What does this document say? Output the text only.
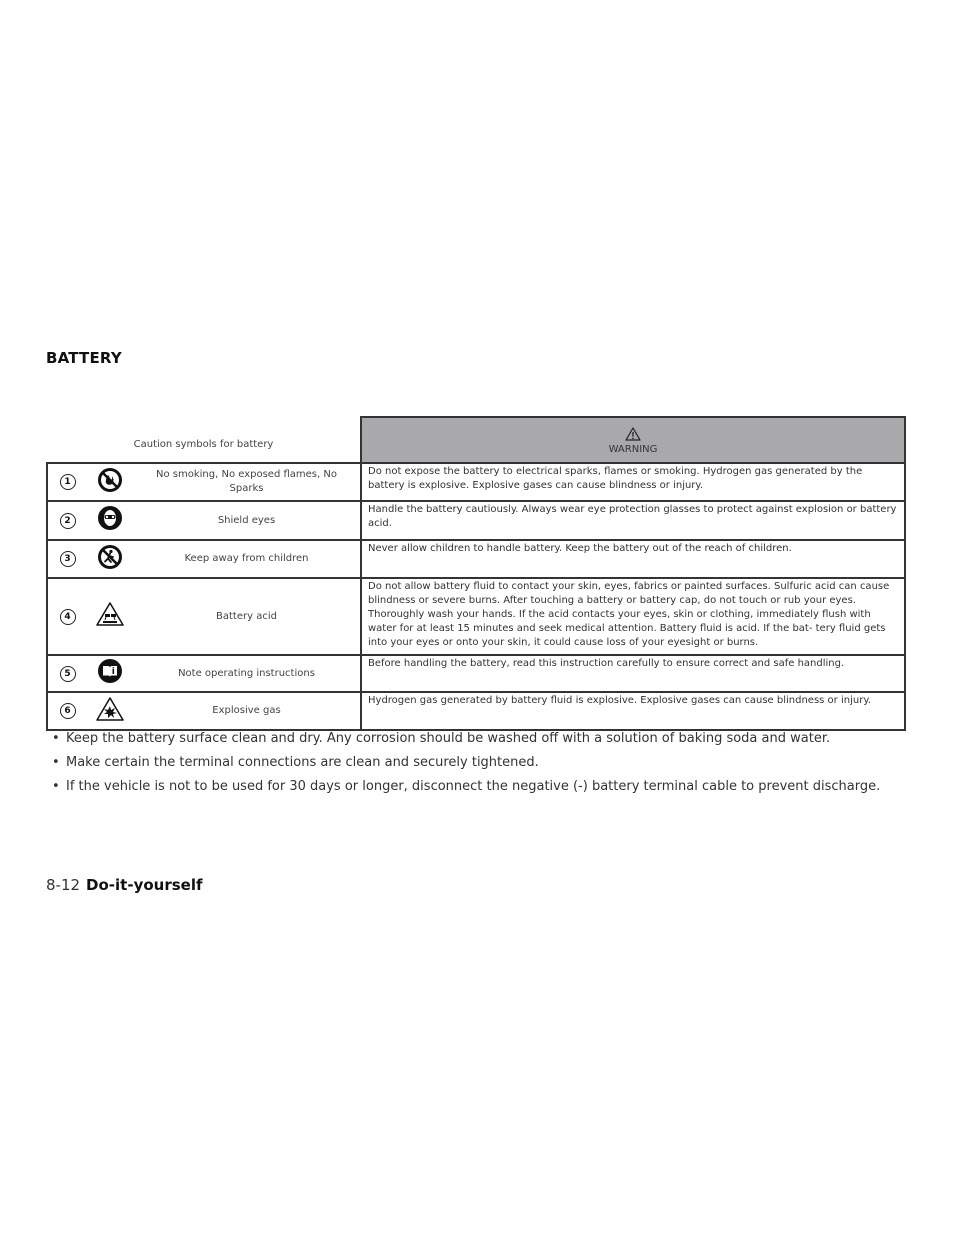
BATTERY
Caution symbols for battery			WARNING

1		No smoking, No exposed flames, No Sparks	Do not expose the battery to electrical sparks, flames or smoking. Hydrogen gas generated by the battery is explosive. Explosive gases can cause blindness or injury.
2		Shield eyes	Handle the battery cautiously. Always wear eye protection glasses to protect against explosion or battery acid.
3		Keep away from children	Never allow children to handle battery. Keep the battery out of the reach of children.
4		Battery acid	Do not allow battery fluid to contact your skin, eyes, fabrics or painted surfaces. Sulfuric acid can cause blindness or severe burns. After touching a battery or battery cap, do not touch or rub your eyes. Thoroughly wash your hands. If the acid contacts your eyes, skin or clothing, immediately flush with water for at least 15 minutes and seek medical attention. Battery fluid is acid. If the bat- tery fluid gets into your eyes or onto your skin, it could cause loss of your eyesight or burns.
5		Note operating instructions	Before handling the battery, read this instruction carefully to ensure correct and safe handling.
6		Explosive gas	Hydrogen gas generated by battery fluid is explosive. Explosive gases can cause blindness or injury.
• Keep the battery surface clean and dry. Any corrosion should be washed off with a solution of baking soda and water.
• Make certain the terminal connections are clean and securely tightened.
• If the vehicle is not to be used for 30 days or longer, disconnect the negative (-) battery terminal cable to prevent discharge.
8-12 Do-it-yourself
